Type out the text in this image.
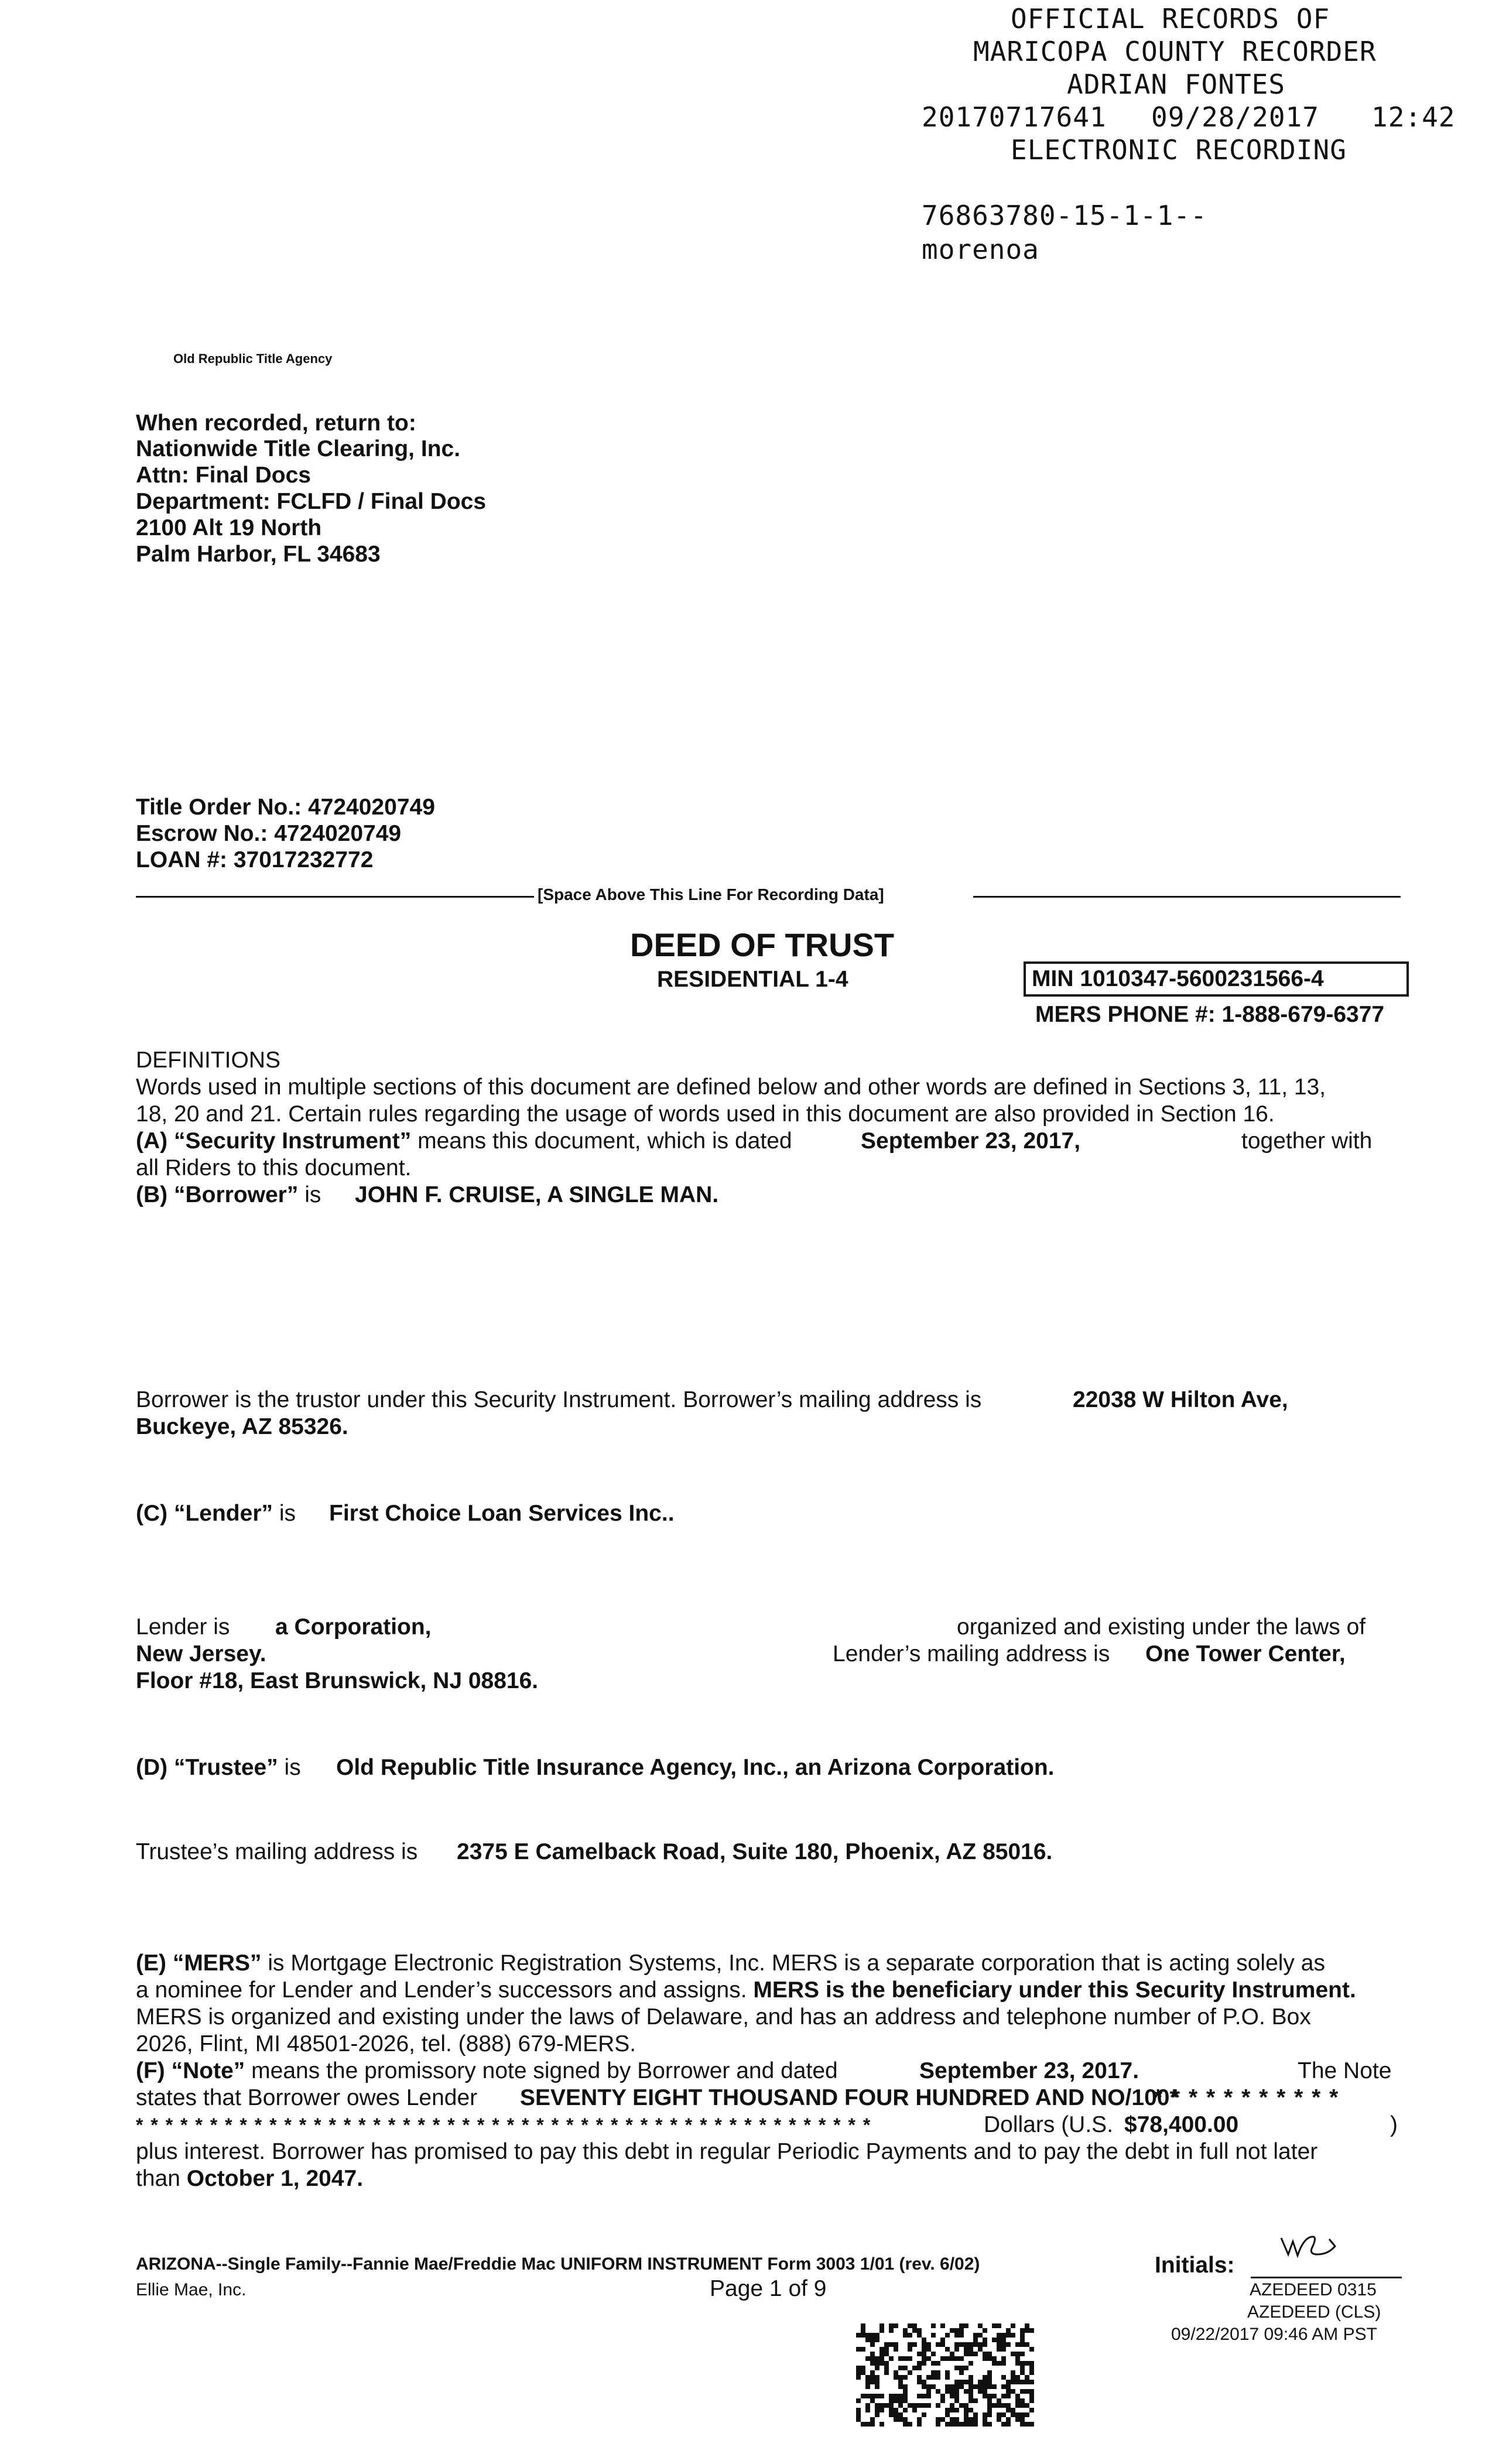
OFFICIAL RECORDS OF
MARICOPA COUNTY RECORDER
ADRIAN FONTES
20170717641 09/28/2017 12:42
ELECTRONIC RECORDING
76863780-15-1-1--
morenoa
Old Republic Title Agency
When recorded, return to:
Nationwide Title Clearing, Inc.
Attn: Final Docs
Department: FCLFD / Final Docs
2100 Alt 19 North
Palm Harbor, FL 34683
Title Order No.: 4724020749
Escrow No.: 4724020749
LOAN #: 37017232772
[Space Above This Line For Recording Data]
DEED OF TRUST
RESIDENTIAL 1-4	MIN 1010347-5600231566-4
MERS PHONE #: 1-888-679-6377
DEFINITIONS
Words used in multiple sections of this document are defined below and other words are defined in Sections 3, 11, 13,
18, 20 and 21. Certain rules regarding the usage of words used in this document are also provided in Section 16.
(A) “Security Instrument” means this document, which is dated	September 23, 2017,	together with
all Riders to this document.
(B) “Borrower” is JOHN F. CRUISE, A SINGLE MAN.
Borrower is the trustor under this Security Instrument. Borrower’s mailing address is	22038 W Hilton Ave,
Buckeye, AZ 85326.
(C) “Lender” is First Choice Loan Services Inc..
Lender is a Corporation,	organized and existing under the laws of
New Jersey.	Lender’s mailing address is One Tower Center,
Floor #18, East Brunswick, NJ 08816.
(D) “Trustee” is Old Republic Title Insurance Agency, Inc., an Arizona Corporation.
Trustee’s mailing address is 2375 E Camelback Road, Suite 180, Phoenix, AZ 85016.
(E) “MERS” is Mortgage Electronic Registration Systems, Inc. MERS is a separate corporation that is acting solely as
a nominee for Lender and Lender’s successors and assigns. MERS is the beneficiary under this Security Instrument.
MERS is organized and existing under the laws of Delaware, and has an address and telephone number of P.O. Box
2026, Flint, MI 48501-2026, tel. (888) 679-MERS.
(F) “Note” means the promissory note signed by Borrower and dated	September 23, 2017.	The Note
states that Borrower owes Lender SEVENTY EIGHT THOUSAND FOUR HUNDRED AND NO/100*
* * * * * * * * * * *
* * * * * * * * * * * * * * * * * * * * * * * * * * * * * * * * * * * * * * * * * * * * * * * * * *	Dollars (U.S. $78,400.00	)
plus interest. Borrower has promised to pay this debt in regular Periodic Payments and to pay the debt in full not later
than October 1, 2047.
ARIZONA--Single Family--Fannie Mae/Freddie Mac UNIFORM INSTRUMENT Form 3003 1/01 (rev. 6/02)
Ellie Mae, Inc.	Page 1 of 9
Initials:
AZEDEED 0315
AZEDEED (CLS)
09/22/2017 09:46 AM PST
